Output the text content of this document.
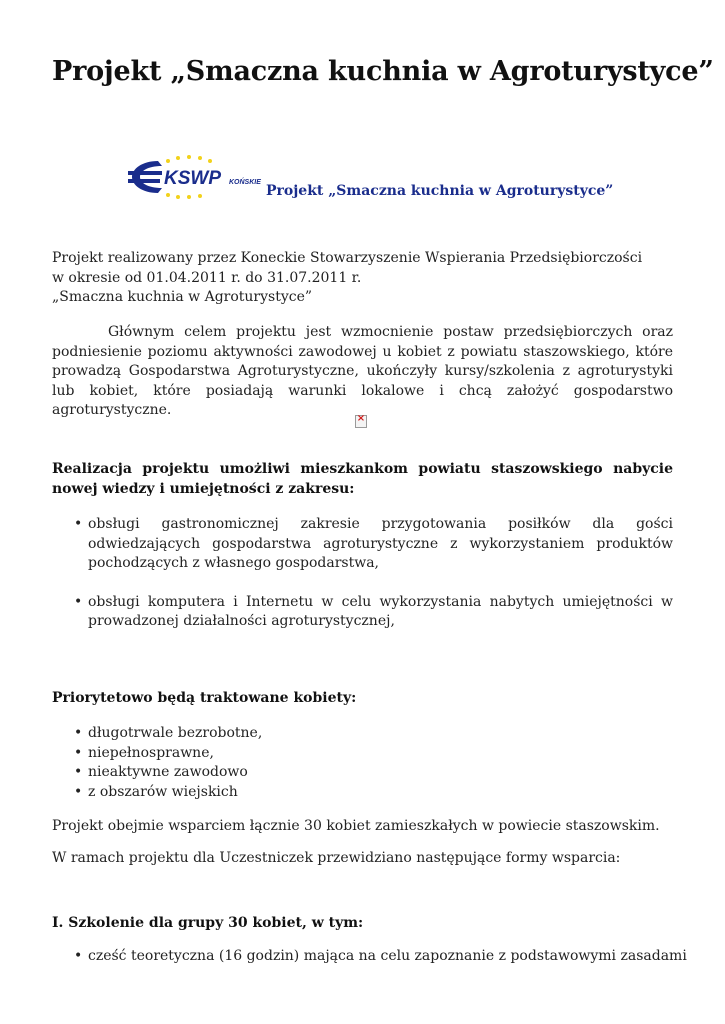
Projekt „Smaczna kuchnia w Agroturystyce”
KSWP KOŃSKIE
Projekt „Smaczna kuchnia w Agroturystyce”

Projekt realizowany przez Koneckie Stowarzyszenie Wspierania Przedsiębiorczości
w okresie od 01.04.2011 r. do 31.07.2011 r.
„Smaczna kuchnia w Agroturystyce”

Głównym celem projektu jest wzmocnienie postaw przedsiębiorczych oraz podniesienie poziomu aktywności zawodowej u kobiet z powiatu staszowskiego, które prowadzą Gospodarstwa Agroturystyczne, ukończyły kursy/szkolenia z agroturystyki lub kobiet, które posiadają warunki lokalowe i chcą założyć gospodarstwo agroturystyczne.

×

Realizacja projektu umożliwi mieszkankom powiatu staszowskiego nabycie nowej wiedzy i umiejętności z zakresu:

• obsługi gastronomicznej zakresie przygotowania posiłków dla gości odwiedzających gospodarstwa agroturystyczne z wykorzystaniem produktów pochodzących z własnego gospodarstwa,
• obsługi komputera i Internetu w celu wykorzystania nabytych umiejętności w prowadzonej działalności agroturystycznej,

Priorytetowo będą traktowane kobiety:

• długotrwale bezrobotne,
• niepełnosprawne,
• nieaktywne zawodowo
• z obszarów wiejskich

Projekt obejmie wsparciem łącznie 30 kobiet zamieszkałych w powiecie staszowskim.

W ramach projektu dla Uczestniczek przewidziano następujące formy wsparcia:

I. Szkolenie dla grupy 30 kobiet, w tym:

• cześć teoretyczna (16 godzin) mająca na celu zapoznanie z podstawowymi zasadami
